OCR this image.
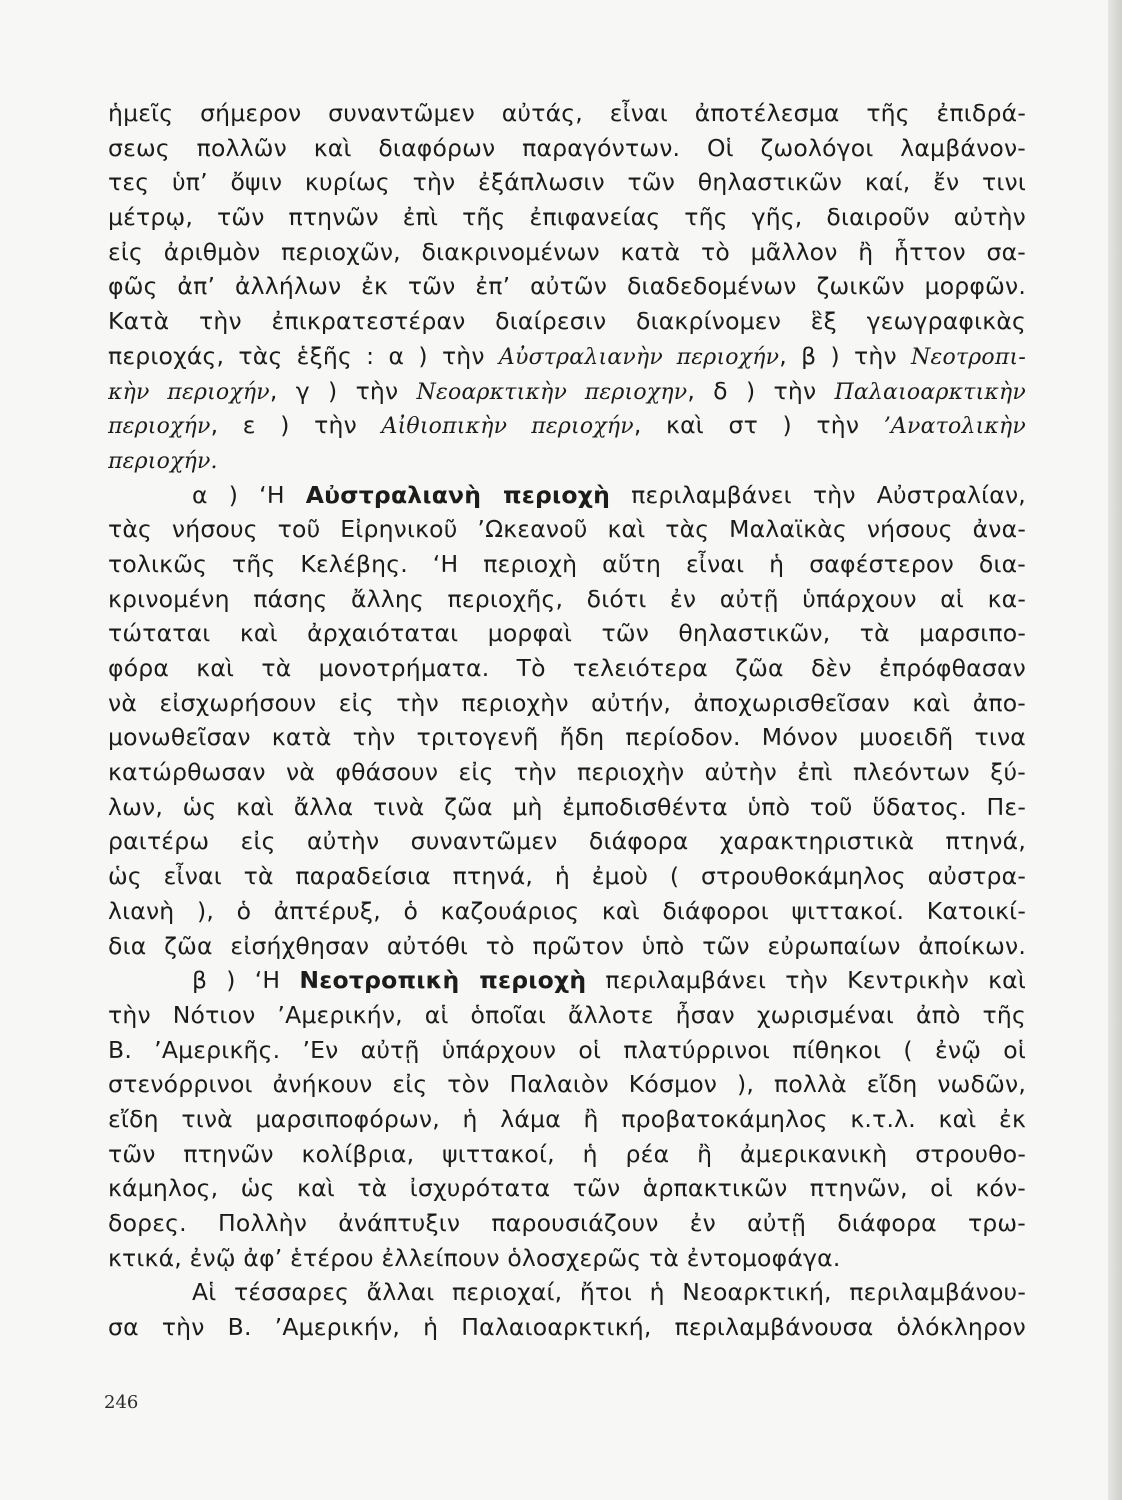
ἡμεῖς σήμερον συναντῶμεν αὐτάς, εἶναι ἀποτέλεσμα τῆς ἐπιδρά-
σεως πολλῶν καὶ διαφόρων παραγόντων. Οἱ ζωολόγοι λαμβάνον-
τες ὑπ’ ὄψιν κυρίως τὴν ἐξάπλωσιν τῶν θηλαστικῶν καί, ἔν τινι
μέτρῳ, τῶν πτηνῶν ἐπὶ τῆς ἐπιφανείας τῆς γῆς, διαιροῦν αὐτὴν
εἰς ἀριθμὸν περιοχῶν, διακρινομένων κατὰ τὸ μᾶλλον ἢ ἧττον σα-
φῶς ἀπ’ ἀλλήλων ἐκ τῶν ἐπ’ αὐτῶν διαδεδομένων ζωικῶν μορφῶν.
Κατὰ τὴν ἐπικρατεστέραν διαίρεσιν διακρίνομεν ἓξ γεωγραφικὰς
περιοχάς, τὰς ἑξῆς : α ) τὴν Αὐστραλιανὴν περιοχήν, β ) τὴν Νεοτροπι-
κὴν περιοχήν, γ ) τὴν Νεοαρκτικὴν περιοχην, δ ) τὴν Παλαιοαρκτικὴν
περιοχήν, ε ) τὴν Αἰθιοπικὴν περιοχήν, καὶ στ ) τὴν ’Ανατολικὴν
περιοχήν.
α ) ‘Η Αὐστραλιανὴ περιοχὴ περιλαμβάνει τὴν Αὐστραλίαν,
τὰς νήσους τοῦ Εἰρηνικοῦ ’Ωκεανοῦ καὶ τὰς Μαλαϊκὰς νήσους ἀνα-
τολικῶς τῆς Κελέβης. ‘Η περιοχὴ αὕτη εἶναι ἡ σαφέστερον δια-
κρινομένη πάσης ἄλλης περιοχῆς, διότι ἐν αὐτῇ ὑπάρχουν αἱ κα-
τώταται καὶ ἀρχαιόταται μορφαὶ τῶν θηλαστικῶν, τὰ μαρσιπο-
φόρα καὶ τὰ μονοτρήματα. Τὸ τελειότερα ζῶα δὲν ἐπρόφθασαν
νὰ εἰσχωρήσουν εἰς τὴν περιοχὴν αὐτήν, ἀποχωρισθεῖσαν καὶ ἀπο-
μονωθεῖσαν κατὰ τὴν τριτογενῆ ἤδη περίοδον. Μόνον μυοειδῆ τινα
κατώρθωσαν νὰ φθάσουν εἰς τὴν περιοχὴν αὐτὴν ἐπὶ πλεόντων ξύ-
λων, ὡς καὶ ἄλλα τινὰ ζῶα μὴ ἐμποδισθέντα ὑπὸ τοῦ ὕδατος. Πε-
ραιτέρω εἰς αὐτὴν συναντῶμεν διάφορα χαρακτηριστικὰ πτηνά,
ὡς εἶναι τὰ παραδείσια πτηνά, ἡ ἐμοὺ ( στρουθοκάμηλος αὐστρα-
λιανὴ ), ὁ ἀπτέρυξ, ὁ καζουάριος καὶ διάφοροι ψιττακοί. Κατοικί-
δια ζῶα εἰσήχθησαν αὐτόθι τὸ πρῶτον ὑπὸ τῶν εὐρωπαίων ἀποίκων.
β ) ‘Η Νεοτροπικὴ περιοχὴ περιλαμβάνει τὴν Κεντρικὴν καὶ
τὴν Νότιον ’Αμερικήν, αἱ ὁποῖαι ἄλλοτε ἦσαν χωρισμέναι ἀπὸ τῆς
Β. ’Αμερικῆς. ’Εν αὐτῇ ὑπάρχουν οἱ πλατύρρινοι πίθηκοι ( ἐνῷ οἱ
στενόρρινοι ἀνήκουν εἰς τὸν Παλαιὸν Κόσμον ), πολλὰ εἴδη νωδῶν,
εἴδη τινὰ μαρσιποφόρων, ἡ λάμα ἢ προβατοκάμηλος κ.τ.λ. καὶ ἐκ
τῶν πτηνῶν κολίβρια, ψιττακοί, ἡ ρέα ἢ ἀμερικανικὴ στρουθο-
κάμηλος, ὡς καὶ τὰ ἰσχυρότατα τῶν ἁρπακτικῶν πτηνῶν, οἱ κόν-
δορες. Πολλὴν ἀνάπτυξιν παρουσιάζουν ἐν αὐτῇ διάφορα τρω-
κτικά, ἐνῷ ἀφ’ ἑτέρου ἐλλείπουν ὁλοσχερῶς τὰ ἐντομοφάγα.
Αἱ τέσσαρες ἄλλαι περιοχαί, ἤτοι ἡ Νεοαρκτική, περιλαμβάνου-
σα τὴν Β. ’Αμερικήν, ἡ Παλαιοαρκτική, περιλαμβάνουσα ὁλόκληρον
246
